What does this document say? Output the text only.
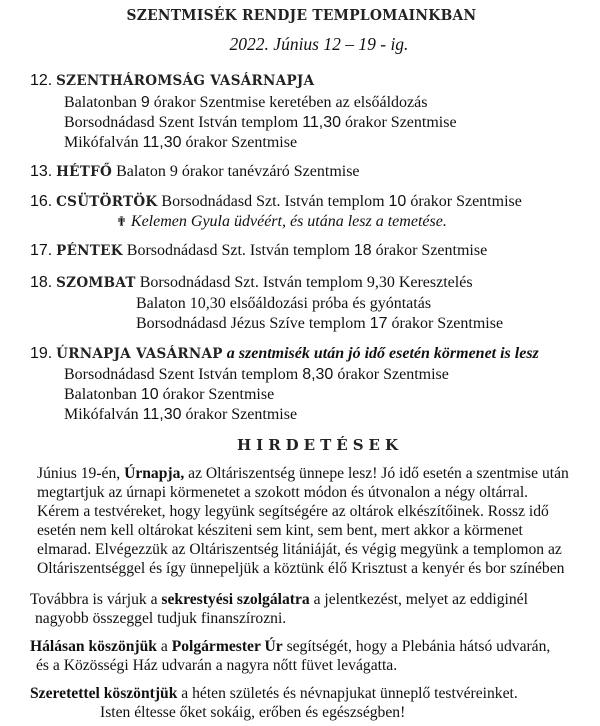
SZENTMISÉK RENDJE TEMPLOMAINKBAN
2022. Június 12 – 19 - ig.
12. SZENTHÁROMSÁG VASÁRNAPJA
Balatonban 9 órakor Szentmise keretében az elsőáldozás
Borsodnádasd Szent István templom 11,30 órakor Szentmise
Mikófalván 11,30 órakor Szentmise
13. HÉTFŐ Balaton 9 órakor tanévzáró Szentmise
16. CSÜTÖRTÖK Borsodnádasd Szt. István templom 10 órakor Szentmise
✟ Kelemen Gyula üdvéért, és utána lesz a temetése.
17. PÉNTEK Borsodnádasd Szt. István templom 18 órakor Szentmise
18. SZOMBAT Borsodnádasd Szt. István templom 9,30 Keresztelés
Balaton 10,30 elsőáldozási próba és gyóntatás
Borsodnádasd Jézus Szíve templom 17 órakor Szentmise
19. ÚRNAPJA VASÁRNAP a szentmisék után jó idő esetén körmenet is lesz
Borsodnádasd Szent István templom 8,30 órakor Szentmise
Balatonban 10 órakor Szentmise
Mikófalván 11,30 órakor Szentmise
HIRDETÉSEK

Június 19-én, Úrnapja, az Oltáriszentség ünnepe lesz! Jó idő esetén a szentmise után

megtartjuk az úrnapi körmenetet a szokott módon és útvonalon a négy oltárral.

Kérem a testvéreket, hogy legyünk segítségére az oltárok elkészítőinek. Rossz idő

esetén nem kell oltárokat késziteni sem kint, sem bent, mert akkor a körmenet

elmarad. Elvégezzük az Oltáriszentség litániáját, és végig megyünk a templomon az

Oltáriszentséggel és így ünnepeljük a köztünk élő Krisztust a kenyér és bor színében

Továbbra is várjuk a sekrestyési szolgálatra a jelentkezést, melyet az eddiginél

nagyobb összeggel tudjuk finanszírozni.

Hálásan köszönjük a Polgármester Úr segítségét, hogy a Plebánia hátsó udvarán,

és a Közösségi Ház udvarán a nagyra nőtt füvet levágatta.

Szeretettel köszöntjük a héten születés és névnapjukat ünneplő testvéreinket.

Isten éltesse őket sokáig, erőben és egészségben!
